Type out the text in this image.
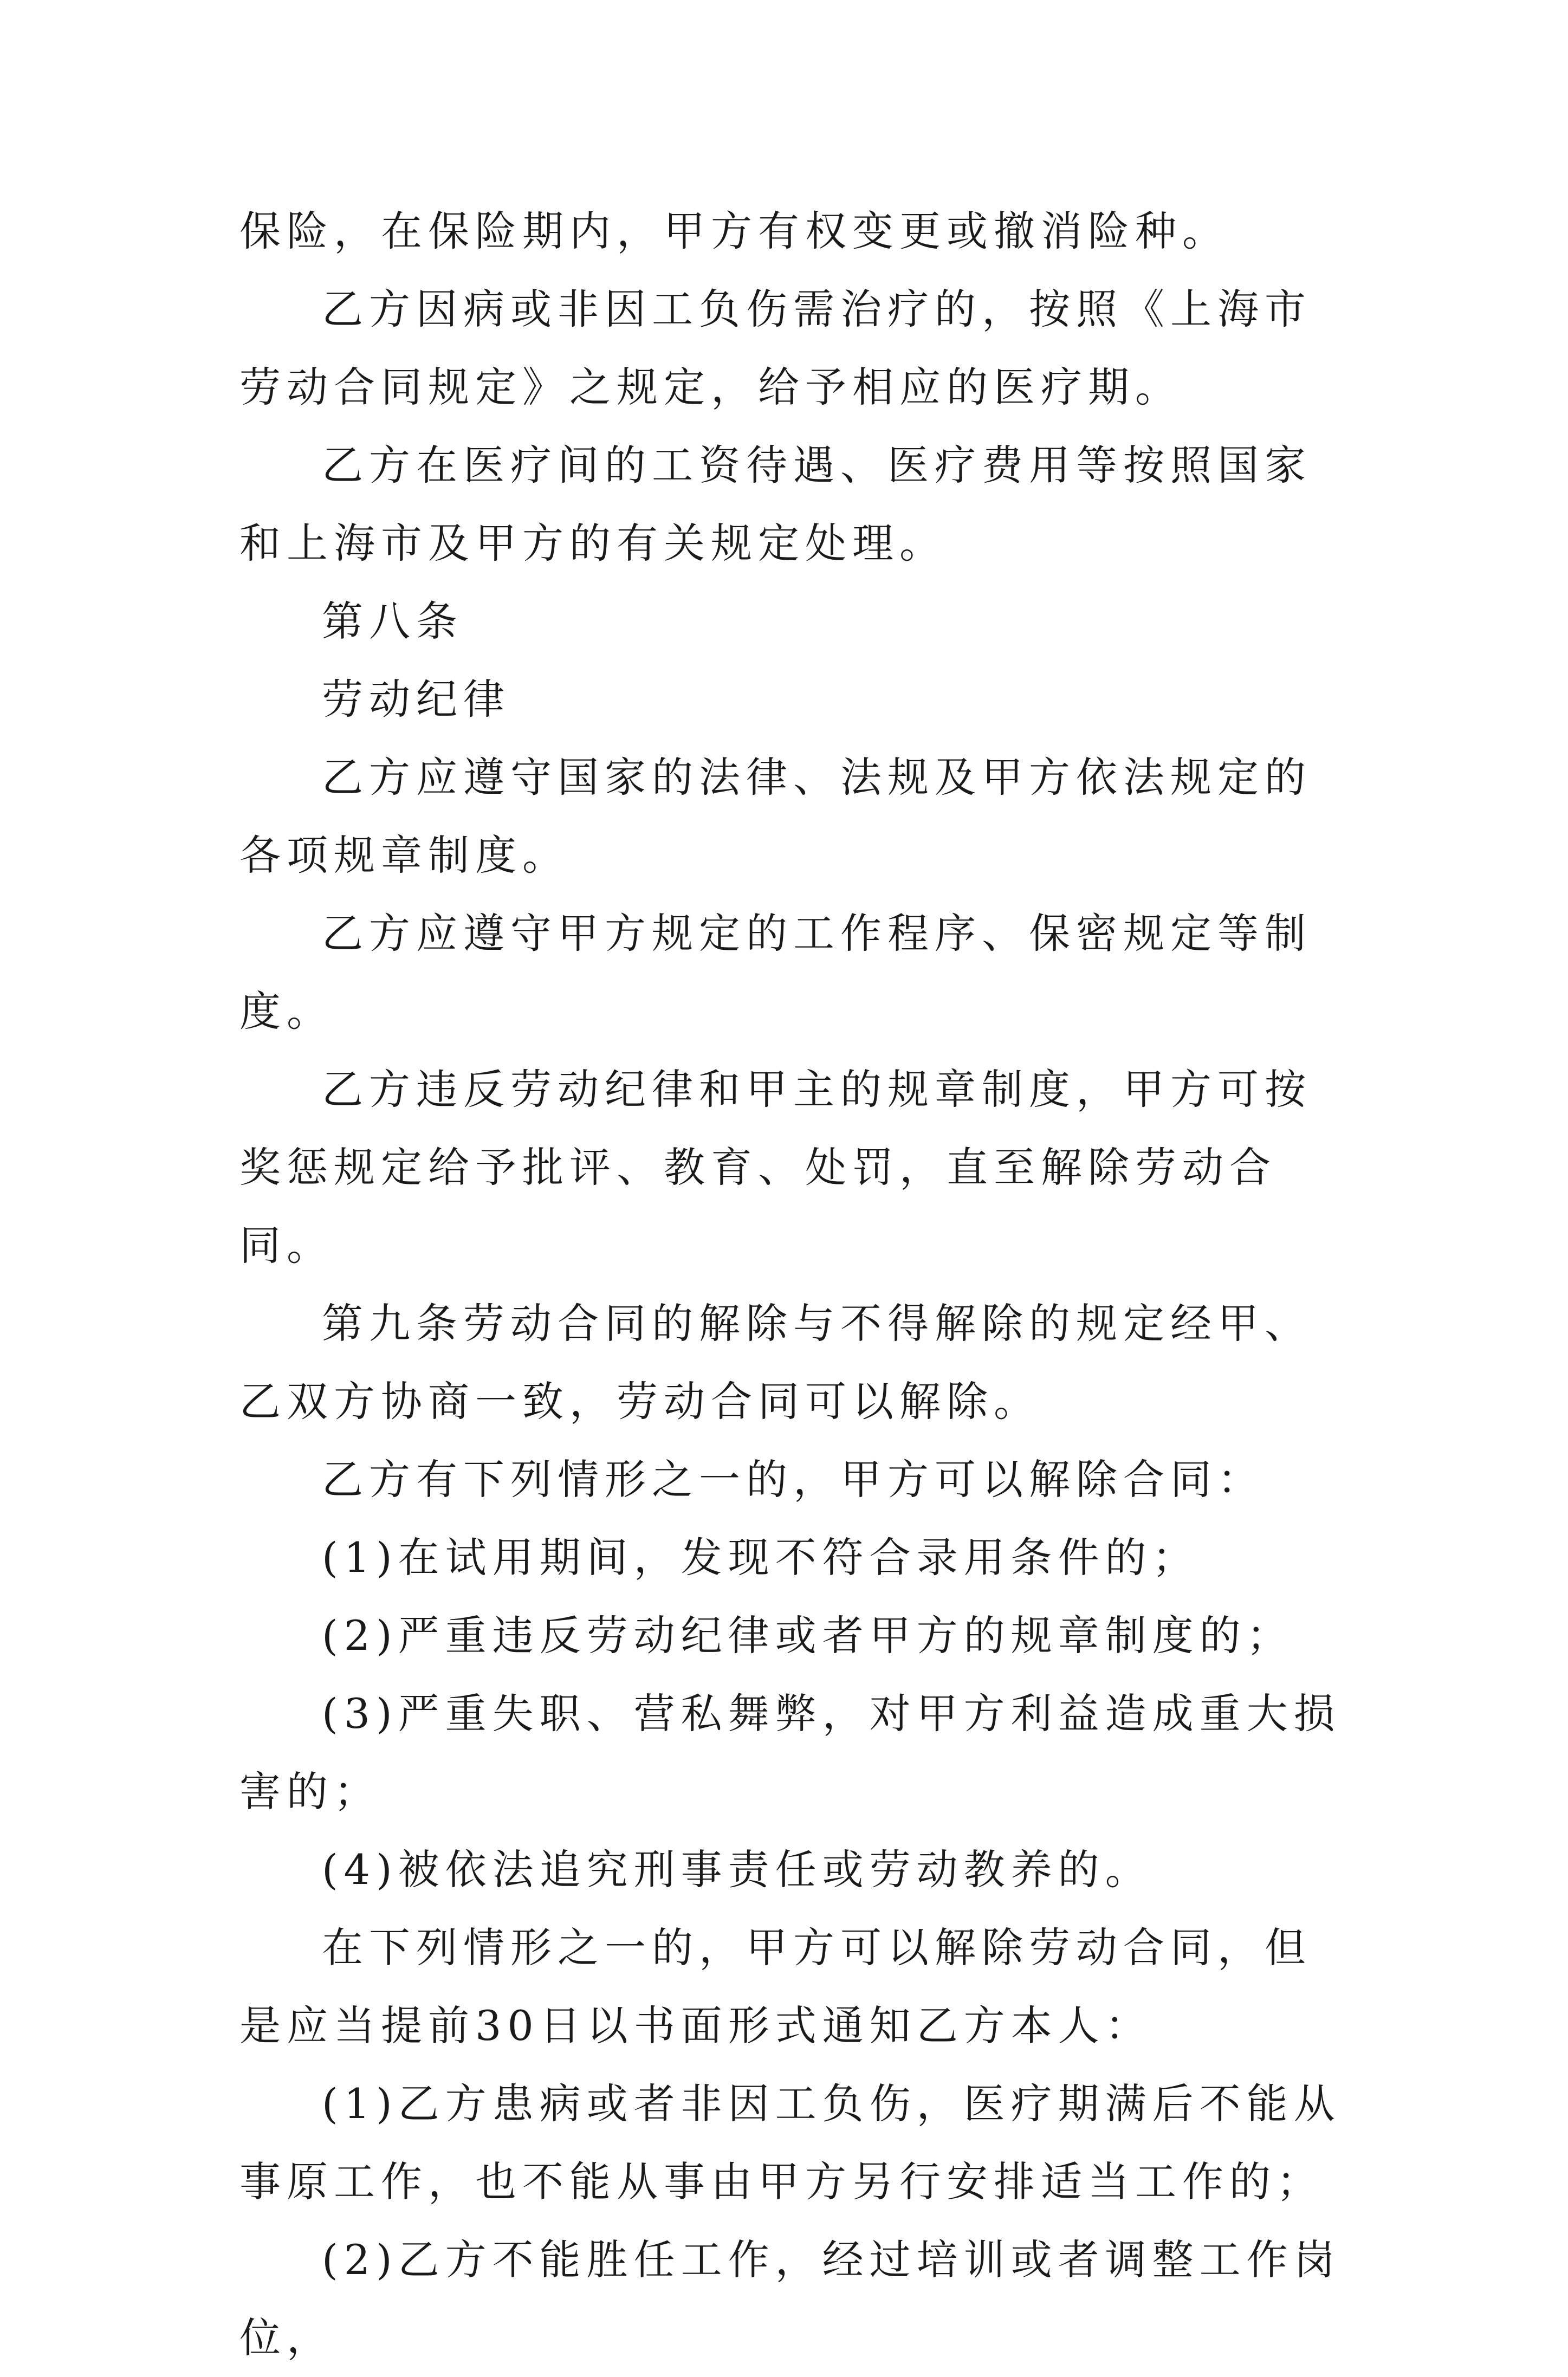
保险，在保险期内，甲方有权变更或撤消险种。

乙方因病或非因工负伤需治疗的，按照《上海市劳动合同规定》之规定，给予相应的医疗期。

乙方在医疗间的工资待遇、医疗费用等按照国家和上海市及甲方的有关规定处理。

第八条

劳动纪律

乙方应遵守国家的法律、法规及甲方依法规定的各项规章制度。

乙方应遵守甲方规定的工作程序、保密规定等制度。

乙方违反劳动纪律和甲主的规章制度，甲方可按奖惩规定给予批评、教育、处罚，直至解除劳动合同。

第九条劳动合同的解除与不得解除的规定经甲、乙双方协商一致，劳动合同可以解除。

乙方有下列情形之一的，甲方可以解除合同：

(1)在试用期间，发现不符合录用条件的；

(2)严重违反劳动纪律或者甲方的规章制度的；

(3)严重失职、营私舞弊，对甲方利益造成重大损害的；

(4)被依法追究刑事责任或劳动教养的。

在下列情形之一的，甲方可以解除劳动合同，但是应当提前30日以书面形式通知乙方本人：

(1)乙方患病或者非因工负伤，医疗期满后不能从事原工作，也不能从事由甲方另行安排适当工作的；

(2)乙方不能胜任工作，经过培训或者调整工作岗位，
